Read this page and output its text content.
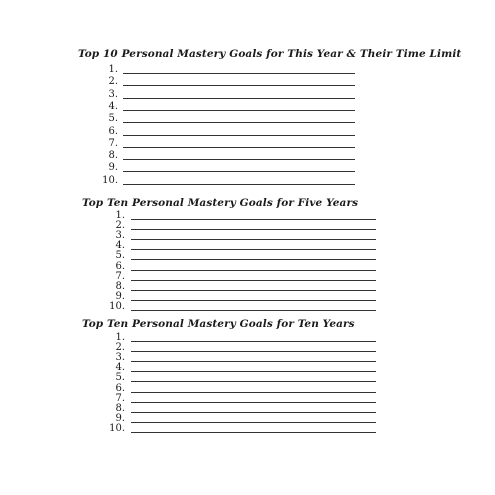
Top 10 Personal Mastery Goals for This Year & Their Time Limit
1.
2.
3.
4.
5.
6.
7.
8.
9.
10.
Top Ten Personal Mastery Goals for Five Years
1.
2.
3.
4.
5.
6.
7.
8.
9.
10.
Top Ten Personal Mastery Goals for Ten Years
1.
2.
3.
4.
5.
6.
7.
8.
9.
10.
